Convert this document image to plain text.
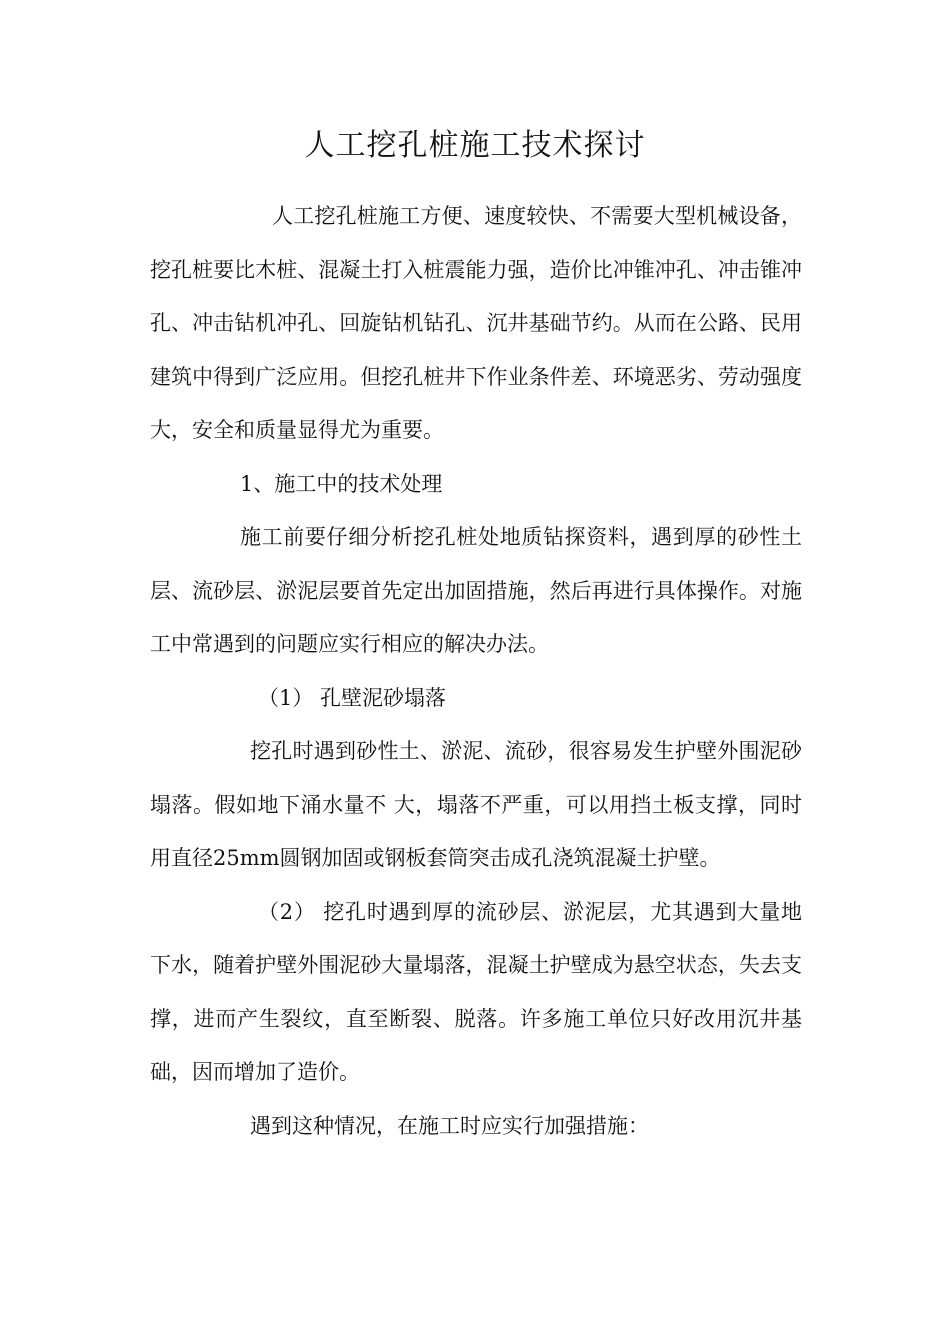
人工挖孔桩施工技术探讨

人工挖孔桩施工方便、速度较快、不需要大型机械设备，挖孔桩要比木桩、混凝土打入桩震能力强，造价比冲锥冲孔、冲击锥冲孔、冲击钻机冲孔、回旋钻机钻孔、沉井基础节约。从而在公路、民用建筑中得到广泛应用。但挖孔桩井下作业条件差、环境恶劣、劳动强度大，安全和质量显得尤为重要。

1、施工中的技术处理

施工前要仔细分析挖孔桩处地质钻探资料，遇到厚的砂性土层、流砂层、淤泥层要首先定出加固措施，然后再进行具体操作。对施工中常遇到的问题应实行相应的解决办法。

（1） 孔壁泥砂塌落

挖孔时遇到砂性土、淤泥、流砂，很容易发生护壁外围泥砂塌落。假如地下涌水量不 大，塌落不严重，可以用挡土板支撑，同时用直径25mm圆钢加固或钢板套筒突击成孔浇筑混凝土护壁。

（2） 挖孔时遇到厚的流砂层、淤泥层，尤其遇到大量地下水，随着护壁外围泥砂大量塌落，混凝土护壁成为悬空状态，失去支撑，进而产生裂纹，直至断裂、脱落。许多施工单位只好改用沉井基础，因而增加了造价。

遇到这种情况，在施工时应实行加强措施：
